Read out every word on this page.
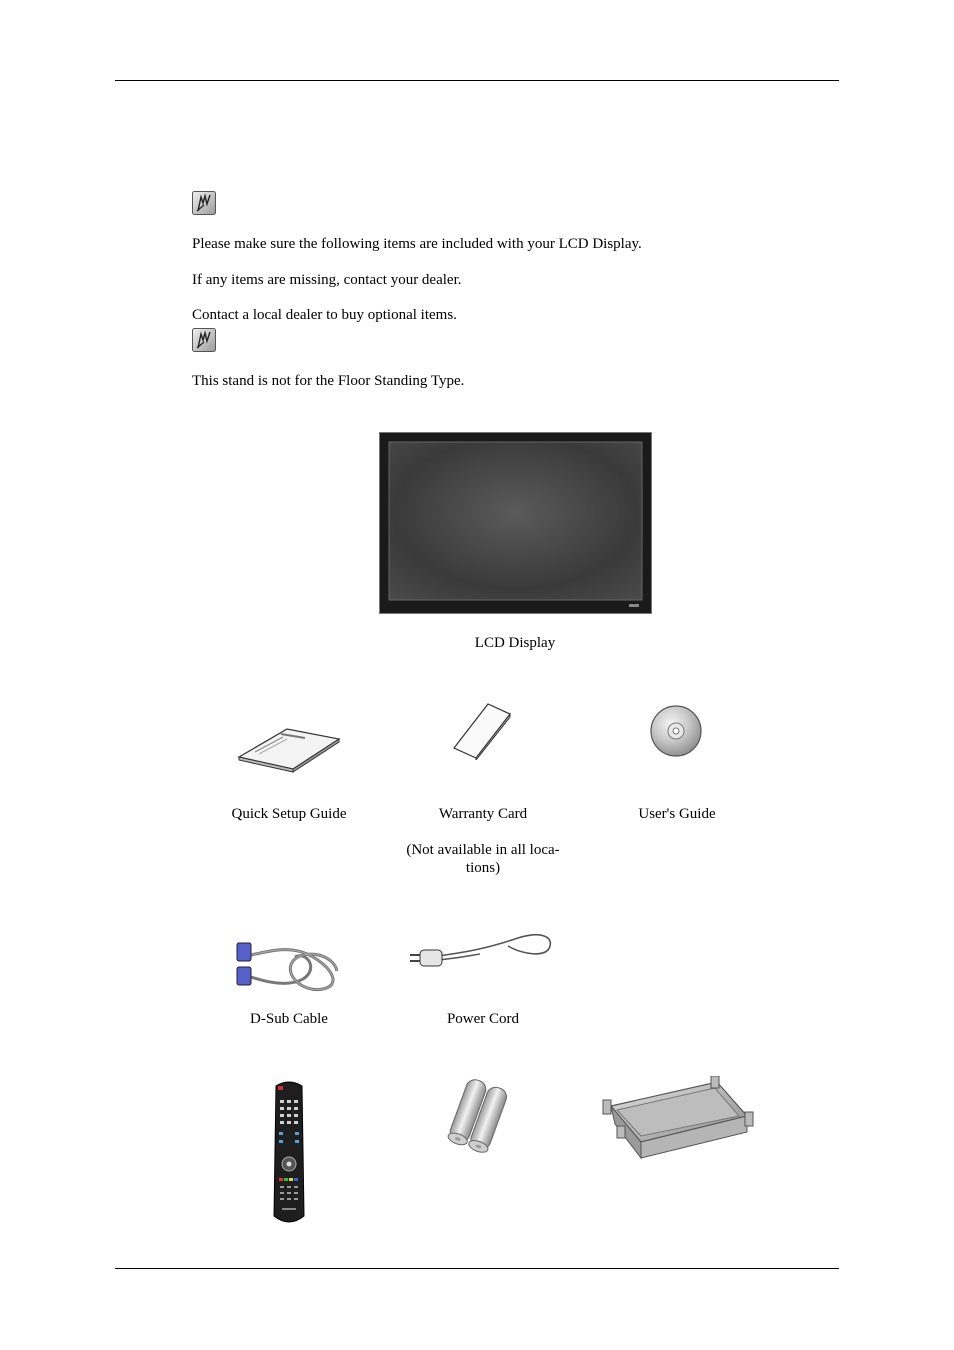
Please make sure the following items are included with your LCD Display.
If any items are missing, contact your dealer.
Contact a local dealer to buy optional items.
This stand is not for the Floor Standing Type.
LCD Display
Quick Setup Guide	Warranty Card
(Not available in all loca-
tions)
User's Guide
D-Sub Cable	Power Cord
